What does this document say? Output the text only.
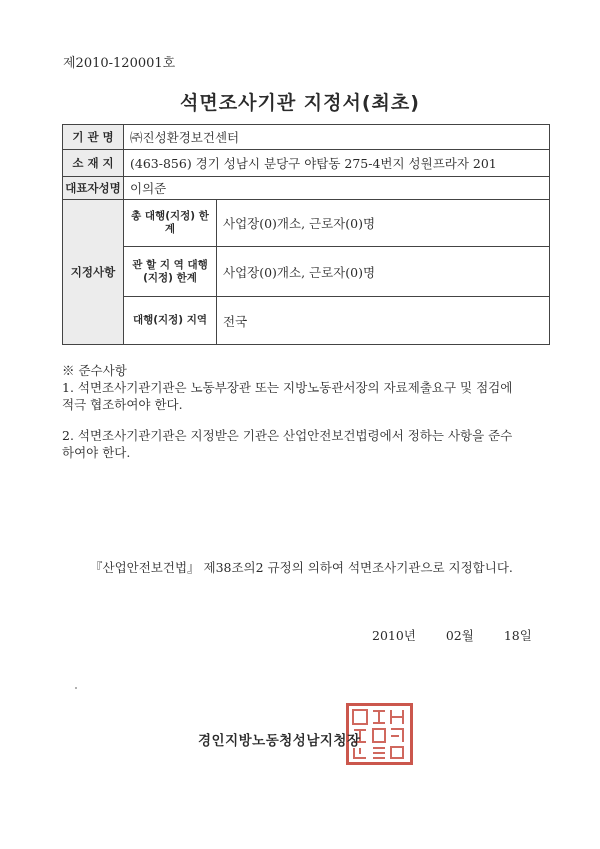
제2010-120001호
석면조사기관 지정서(최초)
기 관 명	㈜진성환경보건센터	
소 재 지	(463-856) 경기 성남시 분당구 야탑동 275-4번지 성원프라자 201	
대표자성명	이의준	
지정사항	총 대행(지정) 한 계	사업장(0)개소, 근로자(0)명
	관 할 지 역 대행(지정) 한계	사업장(0)개소, 근로자(0)명
	대행(지정) 지역	전국

※ 준수사항

1. 석면조사기관기관은 노동부장관 또는 지방노동관서장의 자료제출요구 및 점검에 적극 협조하여야 한다.

2. 석면조사기관기관은 지정받은 기관은 산업안전보건법령에서 정하는 사항을 준수하여야 한다.

『산업안전보건법』 제38조의2 규정의 의하여 석면조사기관으로 지정합니다.
2010년 02월 18일
경인지방노동청성남지청장
